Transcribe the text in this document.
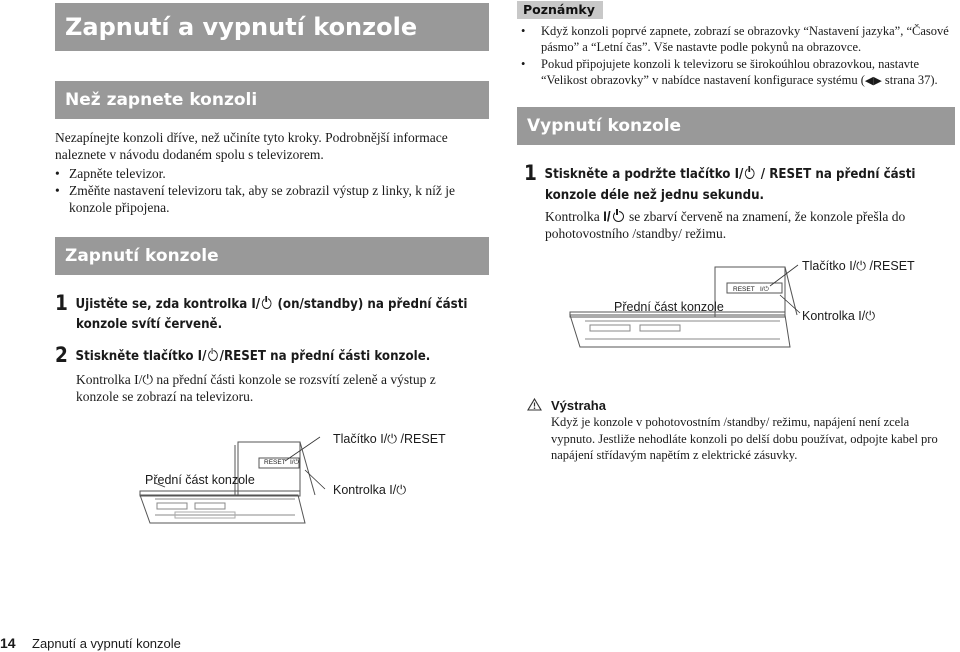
Zapnutí a vypnutí konzole
Než zapnete konzoli
Nezapínejte konzoli dříve, než učiníte tyto kroky. Podrobnější informace naleznete v návodu dodaném spolu s televizorem.
• Zapněte televizor.
• Změňte nastavení televizoru tak, aby se zobrazil výstup z linky, k níž je konzole připojena.
Zapnutí konzole
1 Ujistěte se, zda kontrolka I/ (on/standby) na přední části
konzole svítí červeně.
2 Stiskněte tlačítko I/ /RESET na přední části konzole.
Kontrolka I/⏻ na přední části konzole se rozsvítí zeleně a výstup z konzole se zobrazí na televizoru.
RESET I/⏻
Tlačítko I/⏻ /RESET
Přední část konzole
Kontrolka I/⏻
Poznámky
•	Když konzoli poprvé zapnete, zobrazí se obrazovky “Nastavení jazyka”, “Časové pásmo” a “Letní čas”. Vše nastavte podle pokynů na obrazovce.
•	Pokud připojujete konzoli k televizoru se širokoúhlou obrazovkou, nastavte “Velikost obrazovky” v nabídce nastavení konfigurace systému (◀▶ strana 37).
Vypnutí konzole
1 Stiskněte a podržte tlačítko I/ / RESET na přední části
konzole déle než jednu sekundu.
Kontrolka I/ se zbarví červeně na znamení, že konzole přešla do pohotovostního /standby/ režimu.
RESET I/⏻
Tlačítko I/⏻ /RESET
Přední část konzole
Kontrolka I/⏻
Výstraha
Když je konzole v pohotovostním /standby/ režimu, napájení není zcela vypnuto. Jestliže nehodláte konzoli po delší dobu používat, odpojte kabel pro napájení střídavým napětím z elektrické zásuvky.
14 Zapnutí a vypnutí konzole
